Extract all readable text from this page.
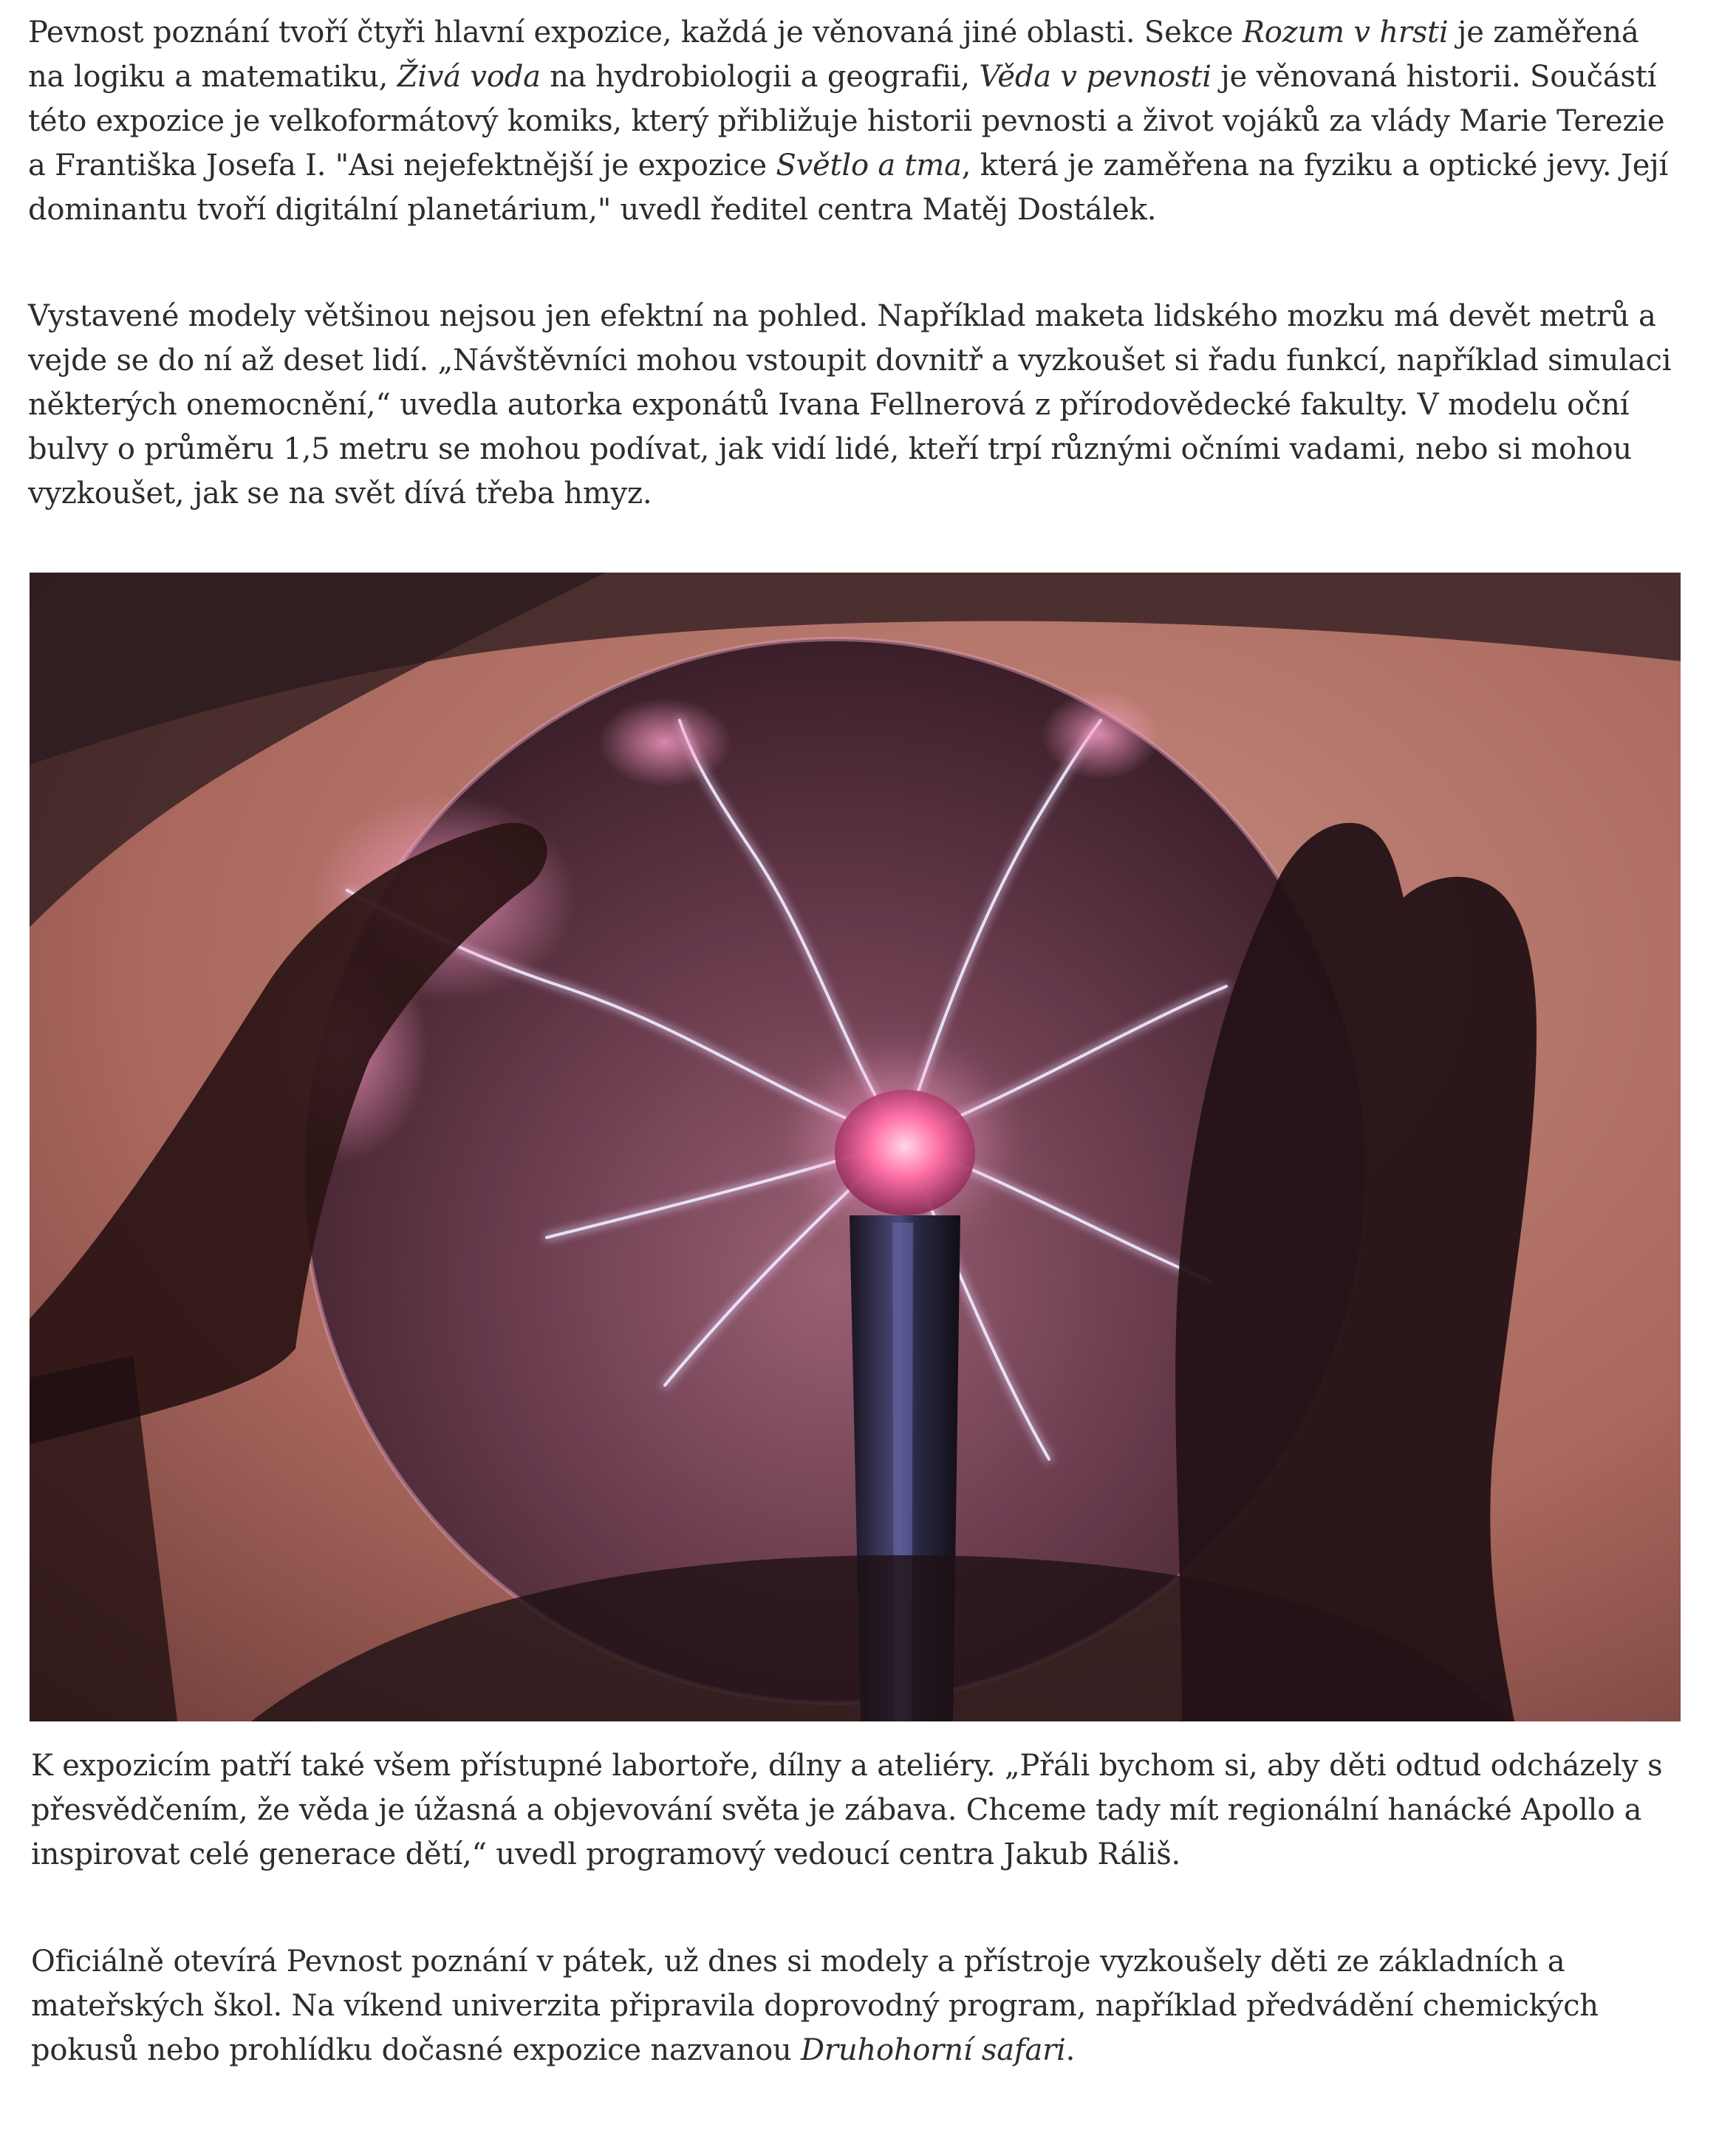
Pevnost poznání tvoří čtyři hlavní expozice, každá je věnovaná jiné oblasti. Sekce Rozum v hrsti je zaměřená na logiku a matematiku, Živá voda na hydrobiologii a geografii, Věda v pevnosti je věnovaná historii. Součástí této expozice je velkoformátový komiks, který přibližuje historii pevnosti a život vojáků za vlády Marie Terezie a Františka Josefa I. "Asi nejefektnější je expozice Světlo a tma, která je zaměřena na fyziku a optické jevy. Její dominantu tvoří digitální planetárium," uvedl ředitel centra Matěj Dostálek.

Vystavené modely většinou nejsou jen efektní na pohled. Například maketa lidského mozku má devět metrů a vejde se do ní až deset lidí. „Návštěvníci mohou vstoupit dovnitř a vyzkoušet si řadu funkcí, například simulaci některých onemocnění,“ uvedla autorka exponátů Ivana Fellnerová z přírodovědecké fakulty. V modelu oční bulvy o průměru 1,5 metru se mohou podívat, jak vidí lidé, kteří trpí různými očními vadami, nebo si mohou vyzkoušet, jak se na svět dívá třeba hmyz.

K expozicím patří také všem přístupné labortoře, dílny a ateliéry. „Přáli bychom si, aby děti odtud odcházely s přesvědčením, že věda je úžasná a objevování světa je zábava. Chceme tady mít regionální hanácké Apollo a inspirovat celé generace dětí,“ uvedl programový vedoucí centra Jakub Ráliš.

Oficiálně otevírá Pevnost poznání v pátek, už dnes si modely a přístroje vyzkoušely děti ze základních a mateřských škol. Na víkend univerzita připravila doprovodný program, například předvádění chemických pokusů nebo prohlídku dočasné expozice nazvanou Druhohorní safari.
